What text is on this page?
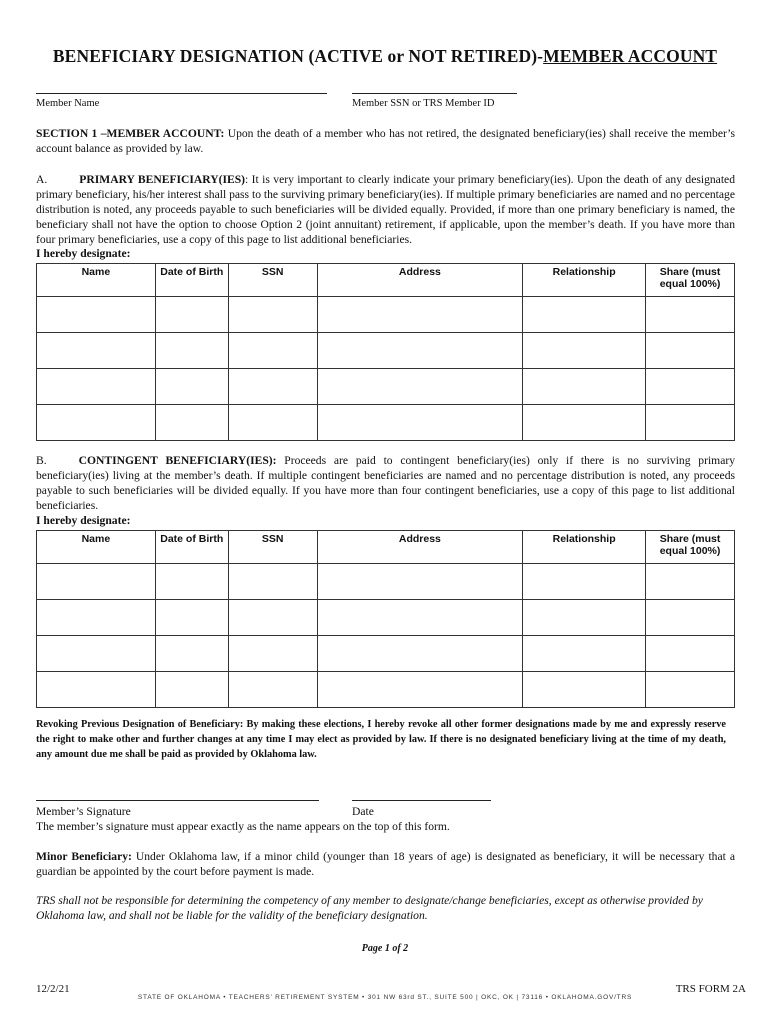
BENEFICIARY DESIGNATION (ACTIVE or NOT RETIRED)-MEMBER ACCOUNT
Member Name	Member SSN or TRS Member ID
SECTION 1 –MEMBER ACCOUNT: Upon the death of a member who has not retired, the designated beneficiary(ies) shall receive the member’s account balance as provided by law.
A.	PRIMARY BENEFICIARY(IES): It is very important to clearly indicate your primary beneficiary(ies). Upon the death of any designated primary beneficiary, his/her interest shall pass to the surviving primary beneficiary(ies). If multiple primary beneficiaries are named and no percentage distribution is noted, any proceeds payable to such beneficiaries will be divided equally. Provided, if more than one primary beneficiary is named, the beneficiary shall not have the option to choose Option 2 (joint annuitant) retirement, if applicable, upon the member’s death. If you have more than four primary beneficiaries, use a copy of this page to list additional beneficiaries.
I hereby designate:
Name	Date of Birth	SSN	Address	Relationship	Share (must equal 100%)

B.	CONTINGENT BENEFICIARY(IES): Proceeds are paid to contingent beneficiary(ies) only if there is no surviving primary beneficiary(ies) living at the member’s death. If multiple contingent beneficiaries are named and no percentage distribution is noted, any proceeds payable to such beneficiaries will be divided equally. If you have more than four contingent beneficiaries, use a copy of this page to list additional beneficiaries.
I hereby designate:
Name	Date of Birth	SSN	Address	Relationship	Share (must equal 100%)

Revoking Previous Designation of Beneficiary: By making these elections, I hereby revoke all other former designations made by me and expressly reserve the right to make other and further changes at any time I may elect as provided by law. If there is no designated beneficiary living at the time of my death, any amount due me shall be paid as provided by Oklahoma law.
Member’s Signature	Date
The member’s signature must appear exactly as the name appears on the top of this form.
Minor Beneficiary: Under Oklahoma law, if a minor child (younger than 18 years of age) is designated as beneficiary, it will be necessary that a guardian be appointed by the court before payment is made.
TRS shall not be responsible for determining the competency of any member to designate/change beneficiaries, except as otherwise provided by Oklahoma law, and shall not be liable for the validity of the beneficiary designation.
Page 1 of 2
12/2/21	TRS FORM 2A
STATE OF OKLAHOMA • TEACHERS’ RETIREMENT SYSTEM • 301 NW 63rd ST., SUITE 500 | OKC, OK | 73116 • OKLAHOMA.GOV/TRS
